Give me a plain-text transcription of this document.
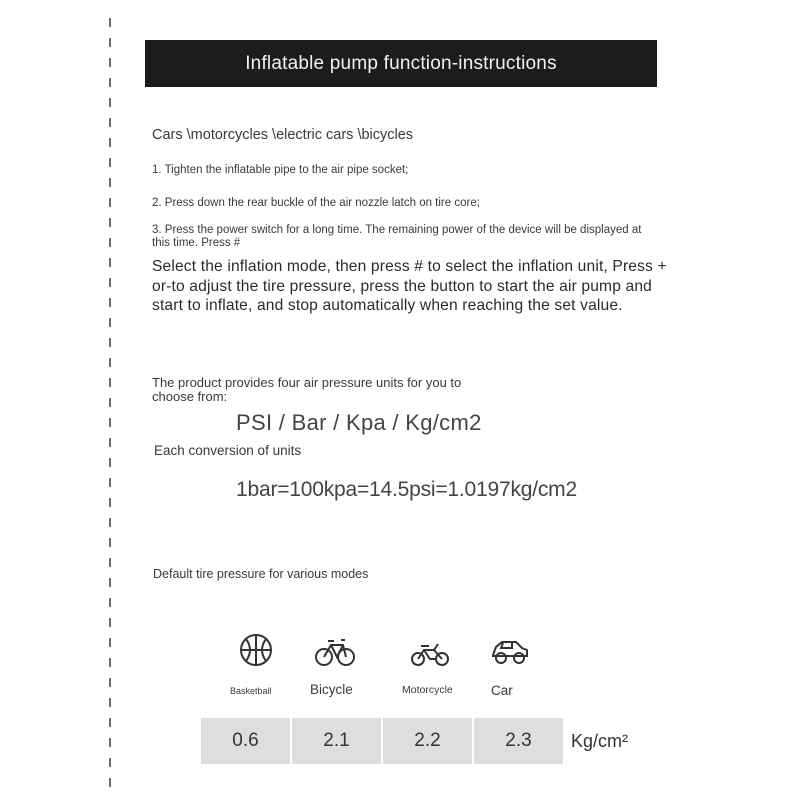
Inflatable pump function-instructions

Cars \motorcycles \electric cars \bicycles

1. Tighten the inflatable pipe to the air pipe socket;

2. Press down the rear buckle of the air nozzle latch on tire core;

3. Press the power switch for a long time. The remaining power of the device will be displayed at this time. Press #

Select the inflation mode, then press # to select the inflation unit, Press + or-to adjust the tire pressure, press the button to start the air pump and start to inflate, and stop automatically when reaching the set value.

The product provides four air pressure units for you to choose from:

PSI / Bar / Kpa / Kg/cm2

Each conversion of units

1bar=100kpa=14.5psi=1.0197kg/cm2

Default tire pressure for various modes

Basketball	Bicycle	Motorcycle	Car
0.6	2.1	2.2	2.3	Kg/cm²
